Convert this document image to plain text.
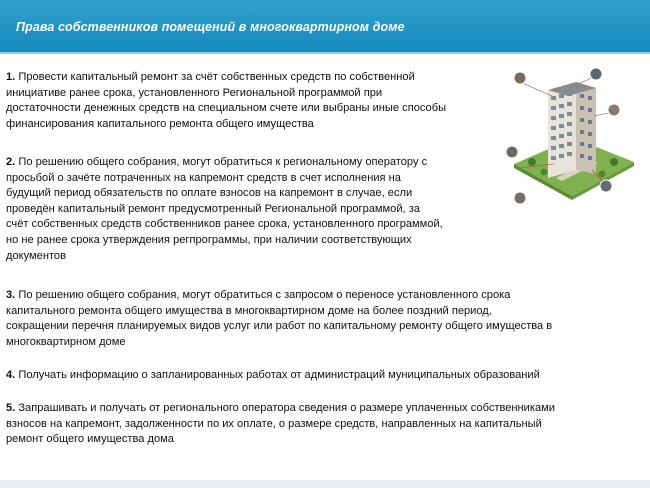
Права собственников помещений в многоквартирном доме
1. Провести капитальный ремонт за счёт собственных средств по собственной
инициативе ранее срока, установленного Региональной программой при
достаточности денежных средств на специальном счете или выбраны иные способы
финансирования капитального ремонта общего имущества
2. По решению общего собрания, могут обратиться к региональному оператору с
просьбой о зачёте потраченных на капремонт средств в счет исполнения на
будущий период обязательств по оплате взносов на капремонт в случае, если
проведён капитальный ремонт предусмотренный Региональной программой, за
счёт собственных средств собственников ранее срока, установленного программой,
но не ранее срока утверждения регпрограммы, при наличии соответствующих
документов
3. По решению общего собрания, могут обратиться с запросом о переносе установленного срока
капитального ремонта общего имущества в многоквартирном доме на более поздний период,
сокращении перечня планируемых видов услуг или работ по капитальному ремонту общего имущества в
многоквартирном доме
4. Получать информацию о запланированных работах от администраций муниципальных образований
5. Запрашивать и получать от регионального оператора сведения о размере уплаченных собственниками
взносов на капремонт, задолженности по их оплате, о размере средств, направленных на капитальный
ремонт общего имущества дома
